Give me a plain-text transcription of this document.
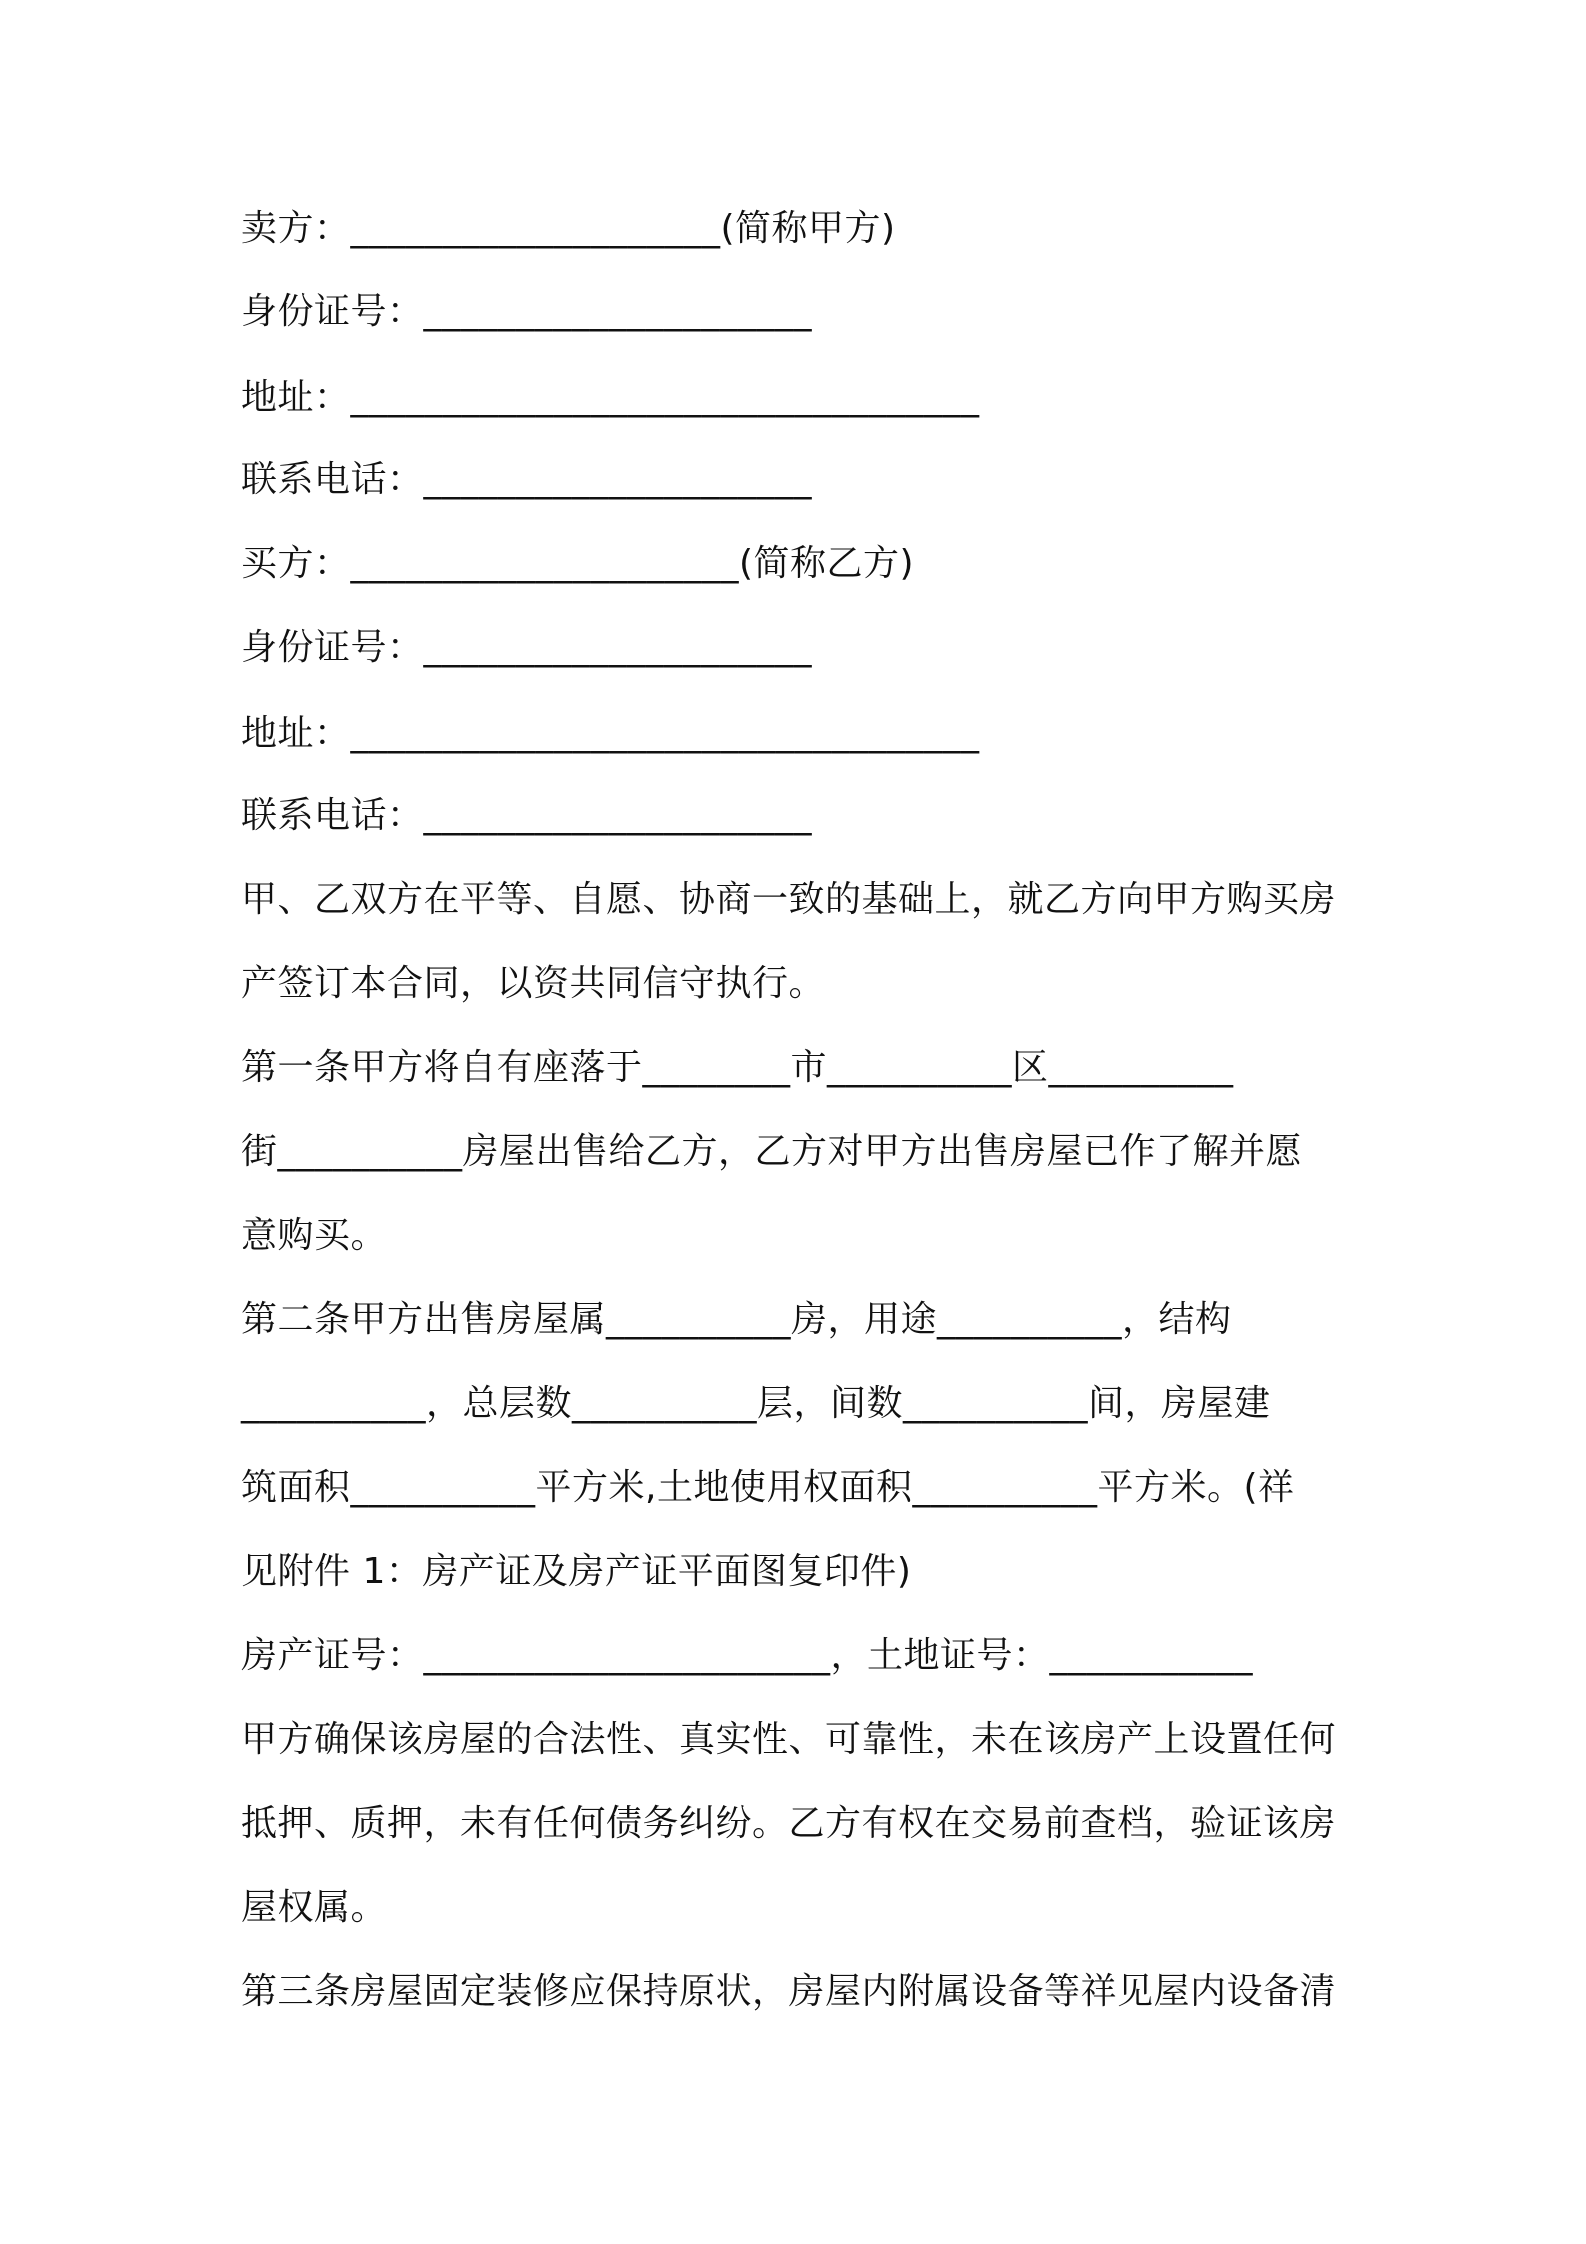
卖方：____________________(简称甲方)
身份证号：_____________________
地址：__________________________________
联系电话：_____________________
买方：_____________________(简称乙方)
身份证号：_____________________
地址：__________________________________
联系电话：_____________________
甲、乙双方在平等、自愿、协商一致的基础上，就乙方向甲方购买房
产签订本合同，以资共同信守执行。
第一条甲方将自有座落于________市__________区__________
街__________房屋出售给乙方，乙方对甲方出售房屋已作了解并愿
意购买。
第二条甲方出售房屋属__________房，用途__________，结构
__________，总层数__________层，间数__________间，房屋建
筑面积__________平方米,土地使用权面积__________平方米。(祥
见附件 1：房产证及房产证平面图复印件)
房产证号：______________________，土地证号：___________
甲方确保该房屋的合法性、真实性、可靠性，未在该房产上设置任何
抵押、质押，未有任何债务纠纷。乙方有权在交易前查档，验证该房
屋权属。
第三条房屋固定装修应保持原状，房屋内附属设备等祥见屋内设备清
